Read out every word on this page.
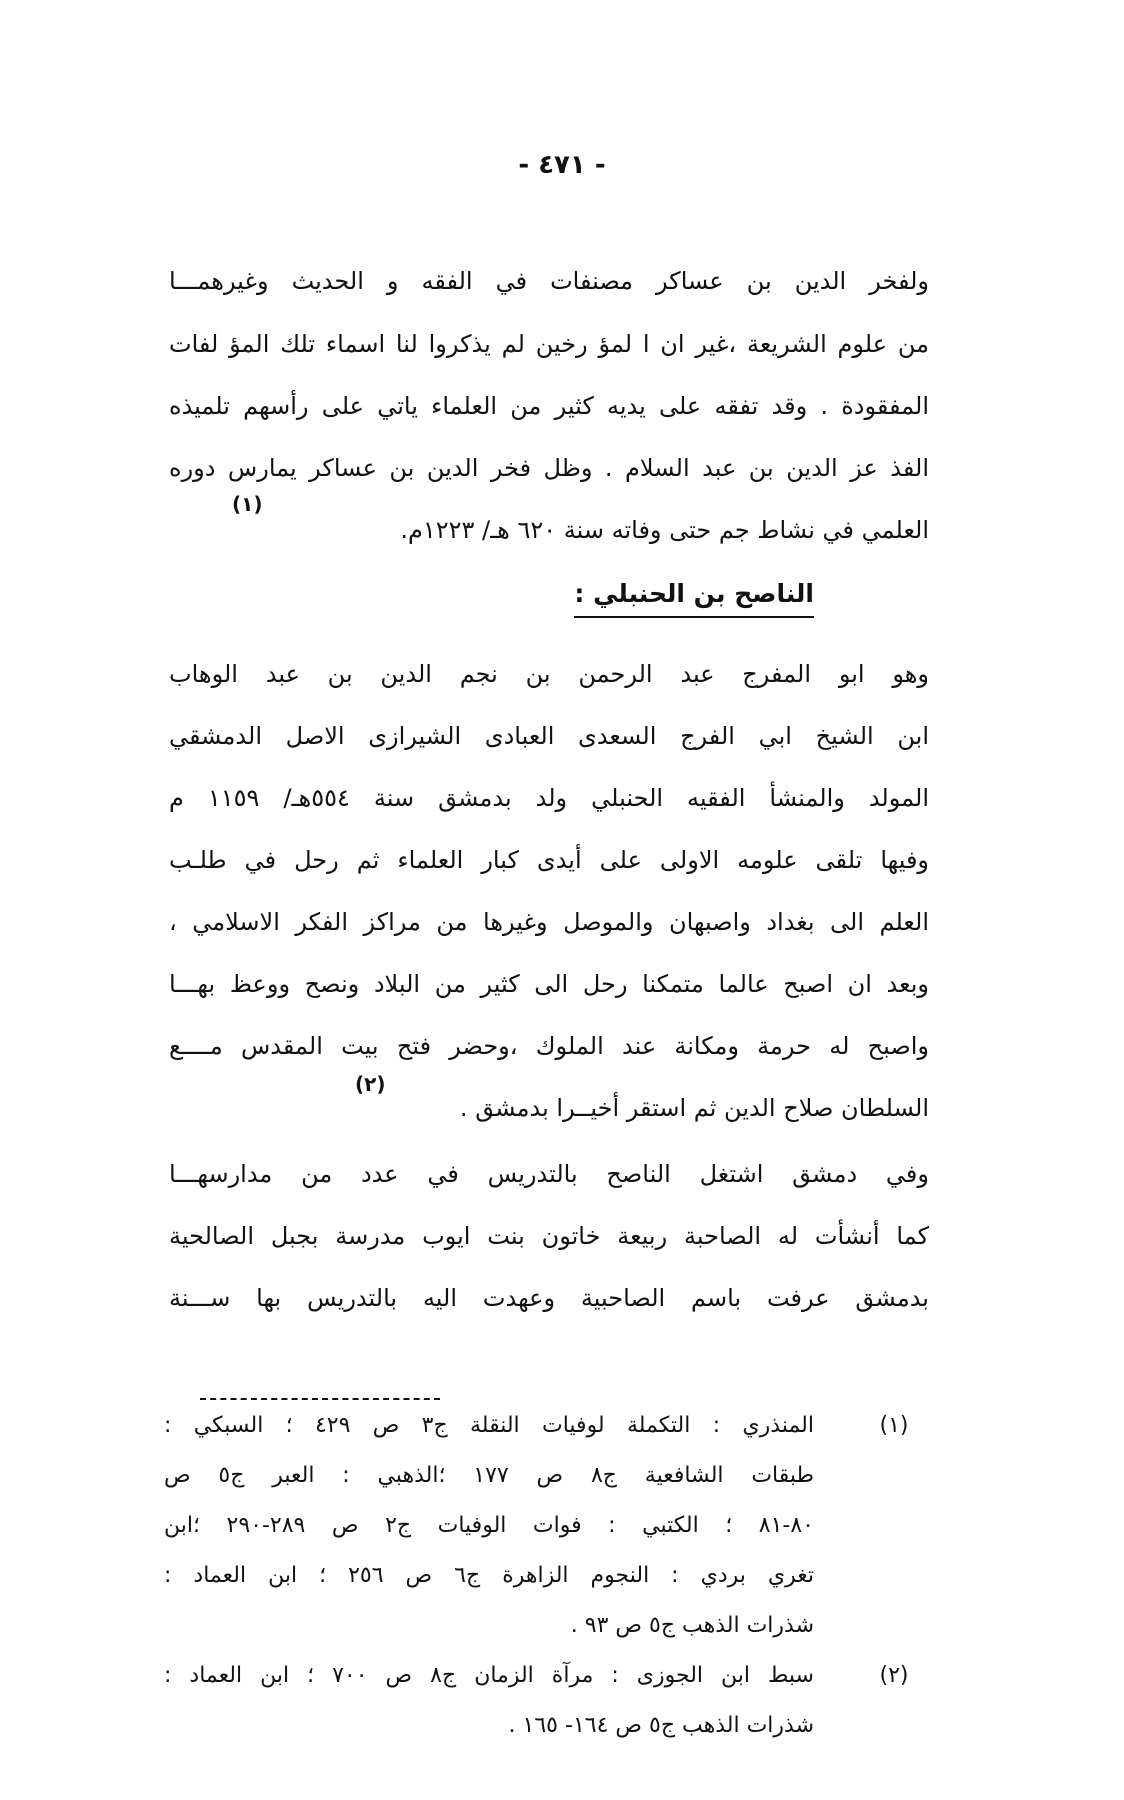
- ٤٧١ -
ولفخر الدين بن عساكر مصنفات في الفقه و الحديث وغيرهمـــا
من علوم الشريعة ،غير ان ا لمؤ رخين لم يذكروا لنا اسماء تلك المؤ لفات
المفقودة . وقد تفقه على يديه كثير من العلماء ياتي على رأسهم تلميذه
الفذ عز الدين بن عبد السلام . وظل فخر الدين بن عساكر يمارس دوره
العلمي في نشاط جم حتى وفاته سنة ٦٢٠ هـ/ ١٢٢٣م.
(١)
الناصح بن الحنبلي :
وهو ابو المفرج عبد الرحمن بن نجم الدين بن عبد الوهاب
ابن الشيخ ابي الفرج السعدى العبادى الشيرازى الاصل الدمشقي
المولد والمنشأ الفقيه الحنبلي ولد بدمشق سنة ٥٥٤هـ/ ١١٥٩ م
وفيها تلقى علومه الاولى على أيدى كبار العلماء ثم رحل في طلـب
العلم الى بغداد واصبهان والموصل وغيرها من مراكز الفكر الاسلامي ،
وبعد ان اصبح عالما متمكنا رحل الى كثير من البلاد ونصح ووعظ بهـــا
واصبح له حرمة ومكانة عند الملوك ،وحضر فتح بيت المقدس مــــع
السلطان صلاح الدين ثم استقر أخيــرا بدمشق .
(٢)
وفي دمشق اشتغل الناصح بالتدريس في عدد من مدارسهـــا
كما أنشأت له الصاحبة ربيعة خاتون بنت ايوب مدرسة بجبل الصالحية
بدمشق عرفت باسم الصاحبية وعهدت اليه بالتدريس بها ســـنة
(١)
المنذري : التكملة لوفيات النقلة ج٣ ص ٤٢٩ ؛ السبكي :
طبقات الشافعية ج٨ ص ١٧٧ ؛الذهبي : العبر ج٥ ص
٨٠-٨١ ؛ الكتبي : فوات الوفيات ج٢ ص ٢٨٩-٢٩٠ ؛ابن
تغري بردي : النجوم الزاهرة ج٦ ص ٢٥٦ ؛ ابن العماد :
شذرات الذهب ج٥ ص ٩٣ .
(٢)
سبط ابن الجوزى : مرآة الزمان ج٨ ص ٧٠٠ ؛ ابن العماد :
شذرات الذهب ج٥ ص ١٦٤- ١٦٥ .
